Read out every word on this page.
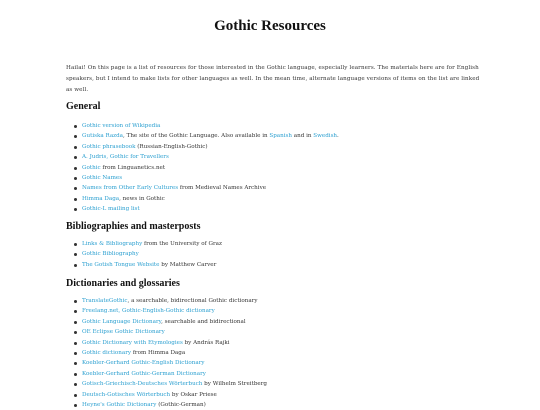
Gothic Resources
Hailai! On this page is a list of resources for those interested in the Gothic language, especially learners. The materials here are for English speakers, but I intend to make lists for other languages as well. In the mean time, alternate language versions of items on the list are linked as well.
General
Gothic version of Wikipedia
Gutiska Razda, The site of the Gothic Language. Also available in Spanish and in Swedish.
Gothic phrasebook (Russian-English-Gothic)
A. Judris, Gothic for Travellers
Gothic from Linguanetics.net
Gothic Names
Names from Other Early Cultures from Medieval Names Archive
Himma Daga, news in Gothic
Gothic-L mailing list
Bibliographies and masterposts
Links & Bibliography from the University of Graz
Gothic Bibliography
The Gotish Tongue Website by Matthew Carver
Dictionaries and glossaries
TranslateGothic, a searchable, bidirectional Gothic dictionary
Freelang.net, Gothic-English-Gothic dictionary
Gothic Language Dictionary, searchable and bidirectional
OE Eclipse Gothic Dictionary
Gothic Dictionary with Etymologies by András Rajki
Gothic dictionary from Himma Daga
Koebler-Gerhard Gothic-English Dictionary
Koebler-Gerhard Gothic-German Dictionary
Gotisch-Griechisch-Deutsches Wörterbuch by Wilhelm Streitberg
Deutsch-Gotisches Wörterbuch by Oskar Priese
Heyne's Gothic Dictionary (Gothic-German)
